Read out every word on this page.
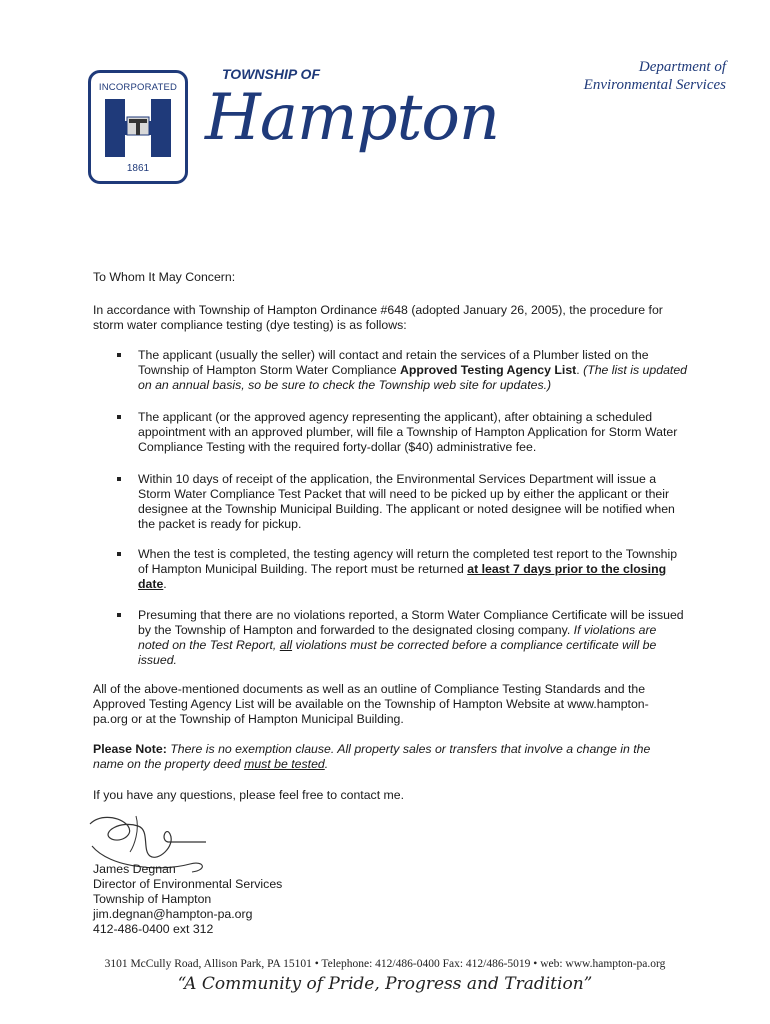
INCORPORATED
1861
TOWNSHIP OF
Hampton
Department of
Environmental Services
To Whom It May Concern:
In accordance with Township of Hampton Ordinance #648 (adopted January 26, 2005), the procedure for storm water compliance testing (dye testing) is as follows:
The applicant (usually the seller) will contact and retain the services of a Plumber listed on the Township of Hampton Storm Water Compliance Approved Testing Agency List. (The list is updated on an annual basis, so be sure to check the Township web site for updates.)
The applicant (or the approved agency representing the applicant), after obtaining a scheduled appointment with an approved plumber, will file a Township of Hampton Application for Storm Water Compliance Testing with the required forty-dollar ($40) administrative fee.
Within 10 days of receipt of the application, the Environmental Services Department will issue a Storm Water Compliance Test Packet that will need to be picked up by either the applicant or their designee at the Township Municipal Building. The applicant or noted designee will be notified when the packet is ready for pickup.
When the test is completed, the testing agency will return the completed test report to the Township of Hampton Municipal Building. The report must be returned at least 7 days prior to the closing date.
Presuming that there are no violations reported, a Storm Water Compliance Certificate will be issued by the Township of Hampton and forwarded to the designated closing company. If violations are noted on the Test Report, all violations must be corrected before a compliance certificate will be issued.
All of the above-mentioned documents as well as an outline of Compliance Testing Standards and the Approved Testing Agency List will be available on the Township of Hampton Website at www.hampton-pa.org or at the Township of Hampton Municipal Building.
Please Note: There is no exemption clause. All property sales or transfers that involve a change in the name on the property deed must be tested.
If you have any questions, please feel free to contact me.
James Degnan
Director of Environmental Services
Township of Hampton
jim.degnan@hampton-pa.org
412-486-0400 ext 312
3101 McCully Road, Allison Park, PA 15101 • Telephone: 412/486-0400 Fax: 412/486-5019 • web: www.hampton-pa.org
“A Community of Pride, Progress and Tradition”
